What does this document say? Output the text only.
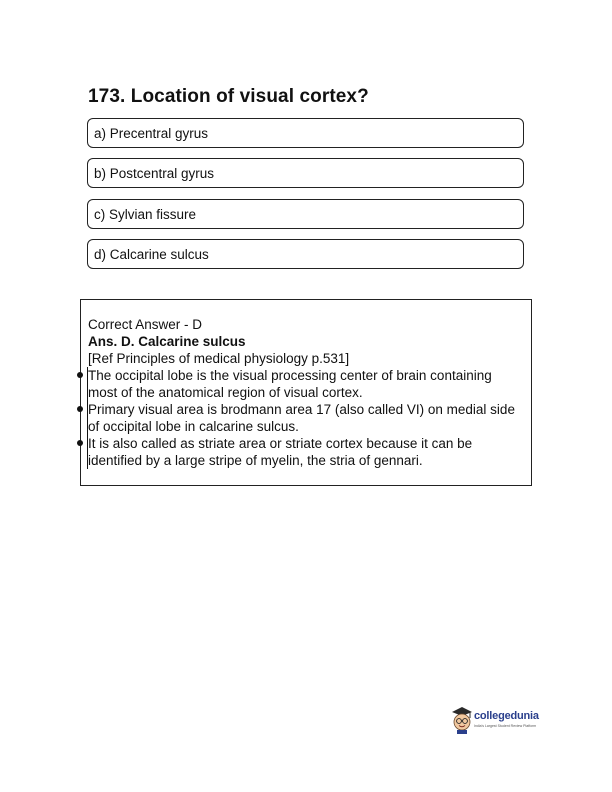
173. Location of visual cortex?
a) Precentral gyrus
b) Postcentral gyrus
c) Sylvian fissure
d) Calcarine sulcus

Correct Answer - D

Ans. D. Calcarine sulcus

[Ref Principles of medical physiology p.531]

The occipital lobe is the visual processing center of brain containing most of the anatomical region of visual cortex.
Primary visual area is brodmann area 17 (also called VI) on medial side of occipital lobe in calcarine sulcus.
It is also called as striate area or striate cortex because it can be identified by a large stripe of myelin, the stria of gennari.
collegedunia
India's Largest Student Review Platform
